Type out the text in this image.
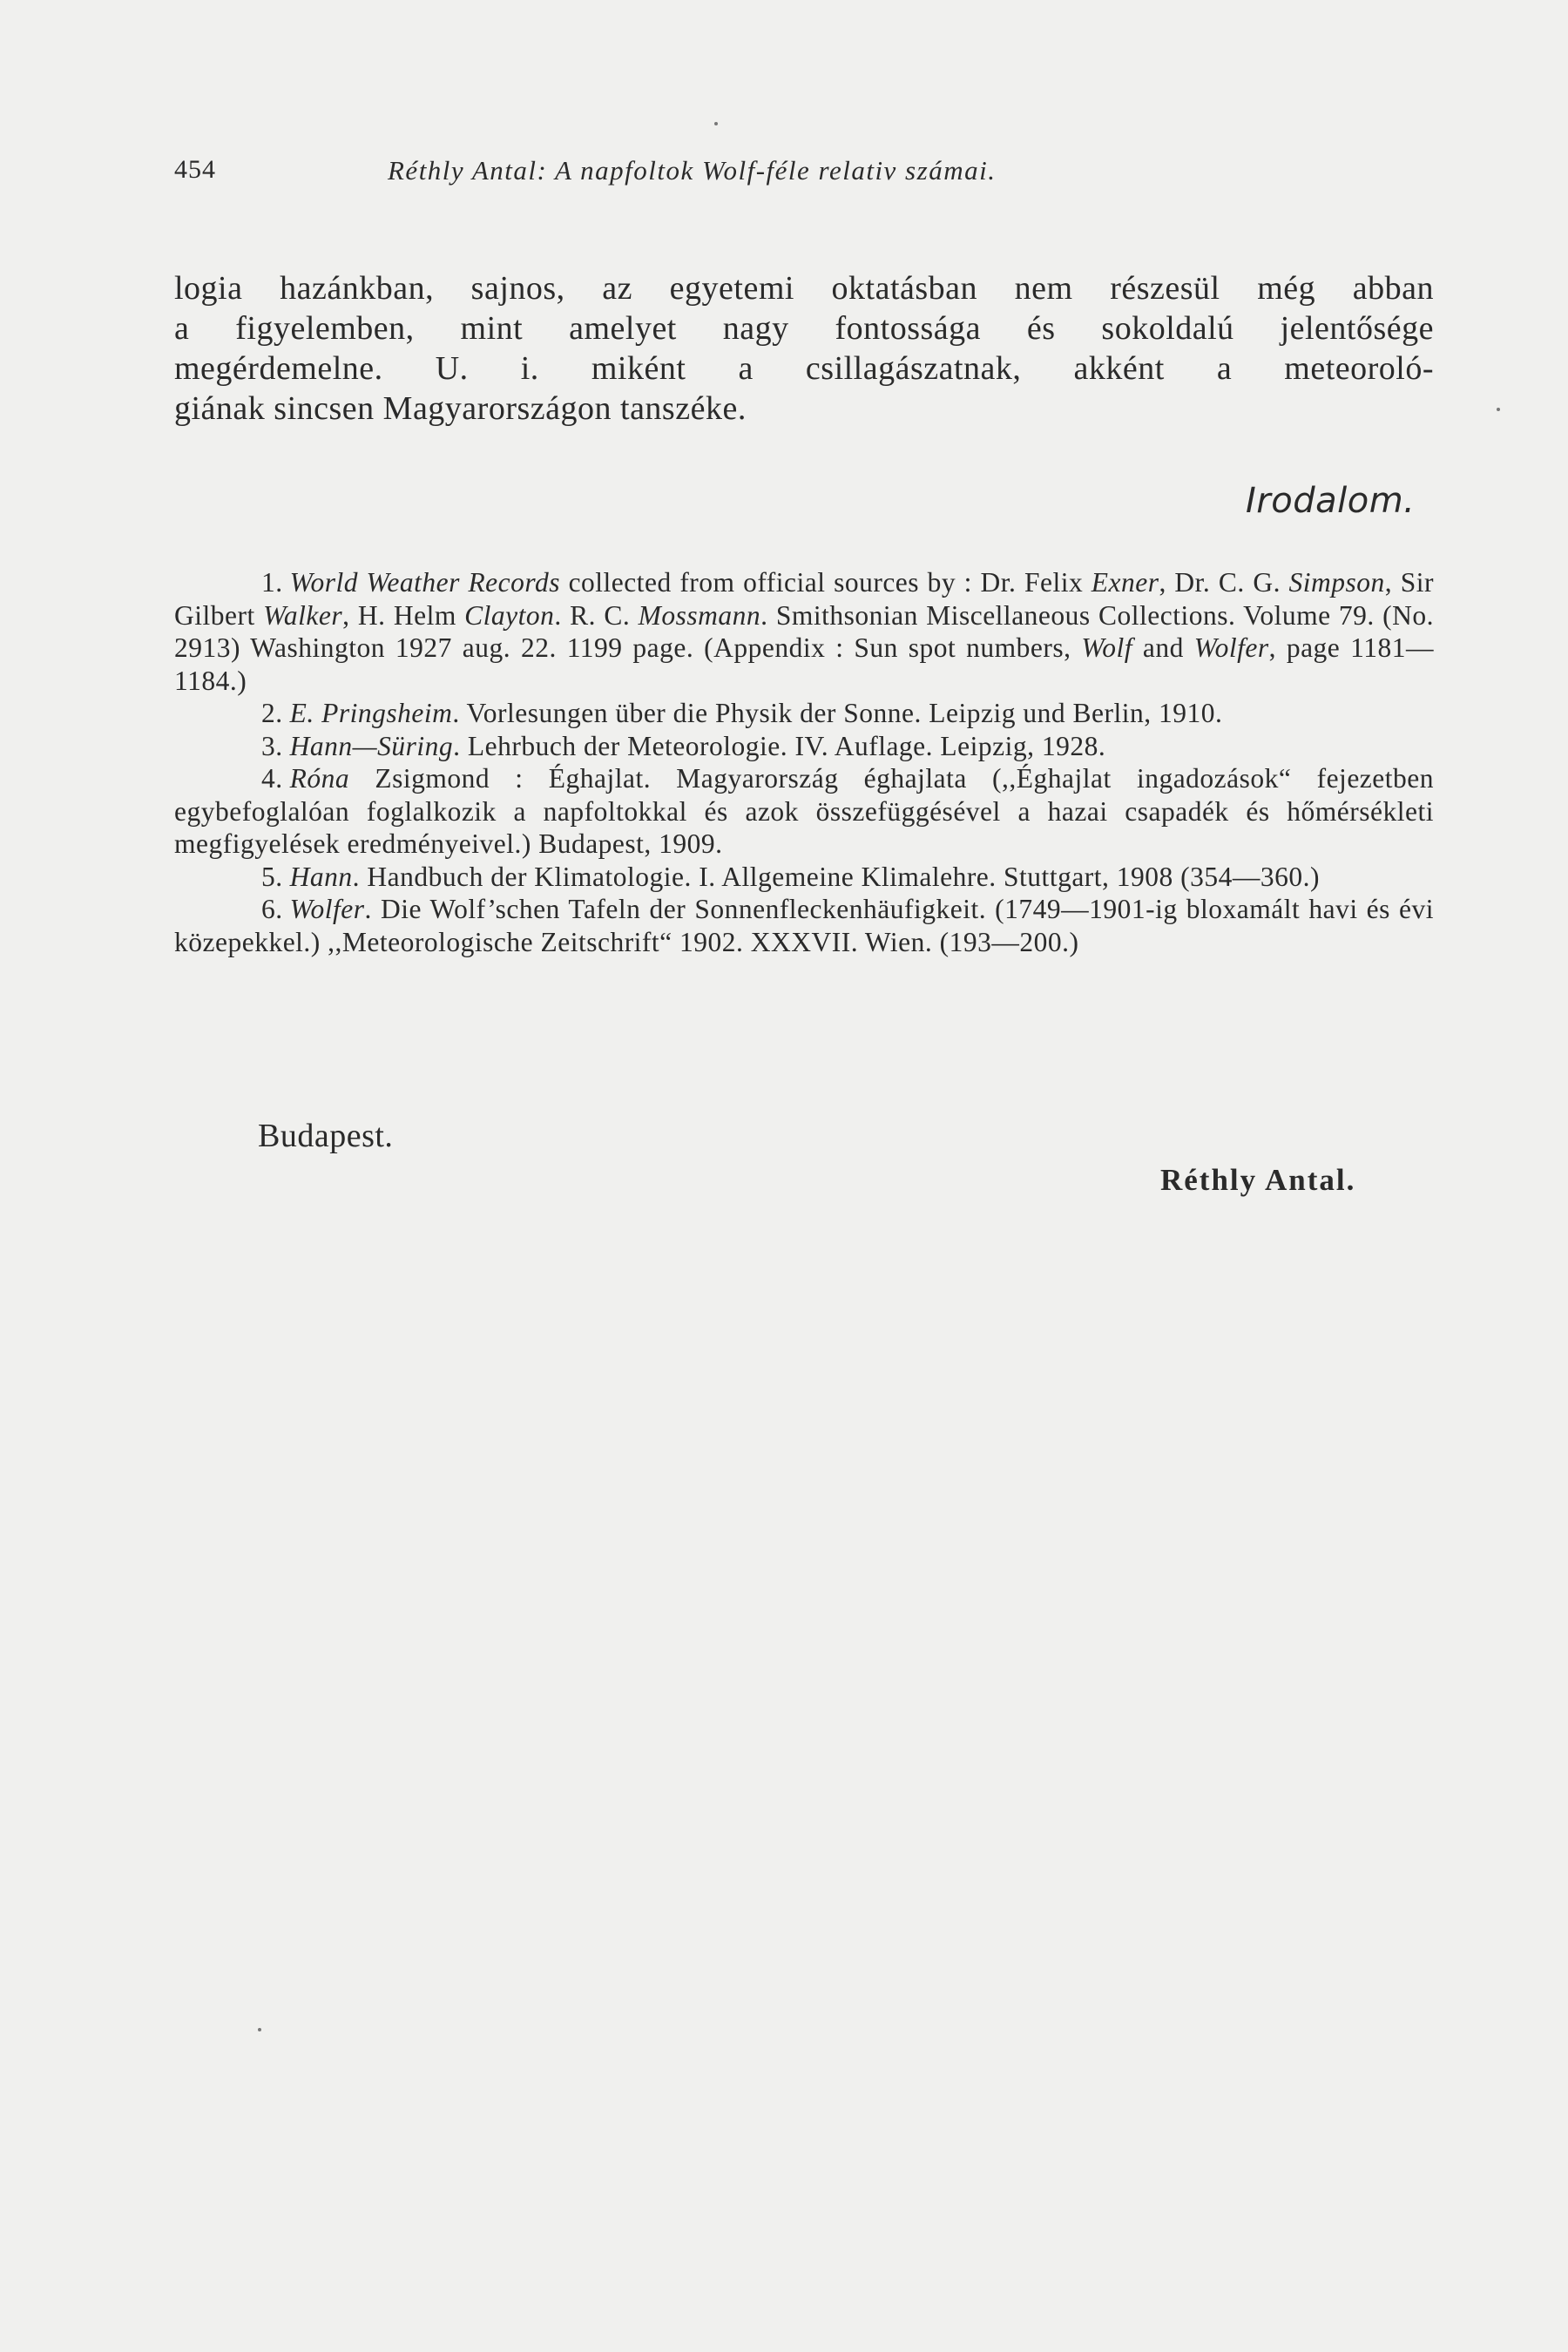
454	Réthly Antal: A napfoltok Wolf-féle relativ számai.
logia hazánkban, sajnos, az egyetemi oktatásban nem részesül még abban
a figyelemben, mint amelyet nagy fontossága és sokoldalú jelentősége
megérdemelne. U. i. miként a csillagászatnak, akként a meteoroló-
giának sincsen Magyarországon tanszéke.
Irodalom.
1. World Weather Records collected from official sources by : Dr. Felix Exner, Dr. C. G. Simpson, Sir Gilbert Walker, H. Helm Clayton. R. C. Mossmann. Smithsonian Miscellaneous Collections. Volume 79. (No. 2913) Washington 1927 aug. 22. 1199 page. (Appendix : Sun spot numbers, Wolf and Wolfer, page 1181—1184.)
2. E. Pringsheim. Vorlesungen über die Physik der Sonne. Leipzig und Berlin, 1910.
3. Hann—Süring. Lehrbuch der Meteorologie. IV. Auflage. Leipzig, 1928.
4. Róna Zsigmond : Éghajlat. Magyarország éghajlata (,,Éghajlat ingadozások“ fejezetben egybefoglalóan foglalkozik a napfoltokkal és azok összefüggésével a hazai csapadék és hőmérsékleti megfigyelések eredményeivel.) Budapest, 1909.
5. Hann. Handbuch der Klimatologie. I. Allgemeine Klimalehre. Stuttgart, 1908 (354—360.)
6. Wolfer. Die Wolf’schen Tafeln der Sonnenfleckenhäufigkeit. (1749—1901-ig bloxamált havi és évi közepekkel.) ,,Meteorologische Zeitschrift“ 1902. XXXVII. Wien. (193—200.)
Budapest.
Réthly Antal.
